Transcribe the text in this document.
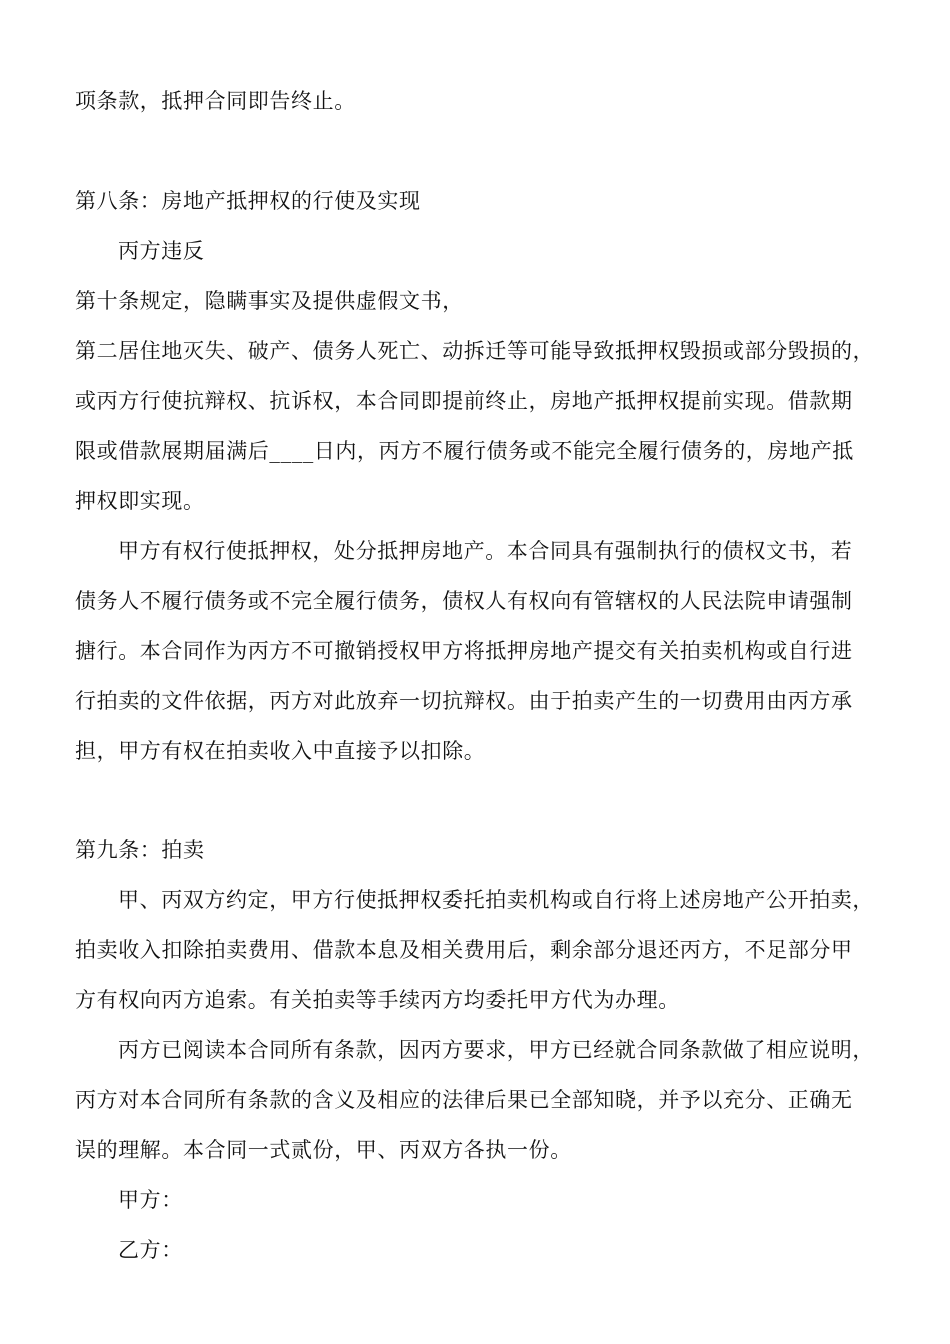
项条款，抵押合同即告终止。
第八条：房地产抵押权的行使及实现
丙方违反
第十条规定，隐瞒事实及提供虚假文书，
第二居住地灭失、破产、债务人死亡、动拆迁等可能导致抵押权毁损或部分毁损的，
或丙方行使抗辩权、抗诉权，本合同即提前终止，房地产抵押权提前实现。借款期
限或借款展期届满后____日内，丙方不履行债务或不能完全履行债务的，房地产抵
押权即实现。
甲方有权行使抵押权，处分抵押房地产。本合同具有强制执行的债权文书，若
债务人不履行债务或不完全履行债务，债权人有权向有管辖权的人民法院申请强制
搪行。本合同作为丙方不可撤销授权甲方将抵押房地产提交有关拍卖机构或自行进
行拍卖的文件依据，丙方对此放弃一切抗辩权。由于拍卖产生的一切费用由丙方承
担，甲方有权在拍卖收入中直接予以扣除。
第九条：拍卖
甲、丙双方约定，甲方行使抵押权委托拍卖机构或自行将上述房地产公开拍卖，
拍卖收入扣除拍卖费用、借款本息及相关费用后，剩余部分退还丙方，不足部分甲
方有权向丙方追索。有关拍卖等手续丙方均委托甲方代为办理。
丙方已阅读本合同所有条款，因丙方要求，甲方已经就合同条款做了相应说明，
丙方对本合同所有条款的含义及相应的法律后果已全部知晓，并予以充分、正确无
误的理解。本合同一式贰份，甲、丙双方各执一份。
甲方：
乙方：
